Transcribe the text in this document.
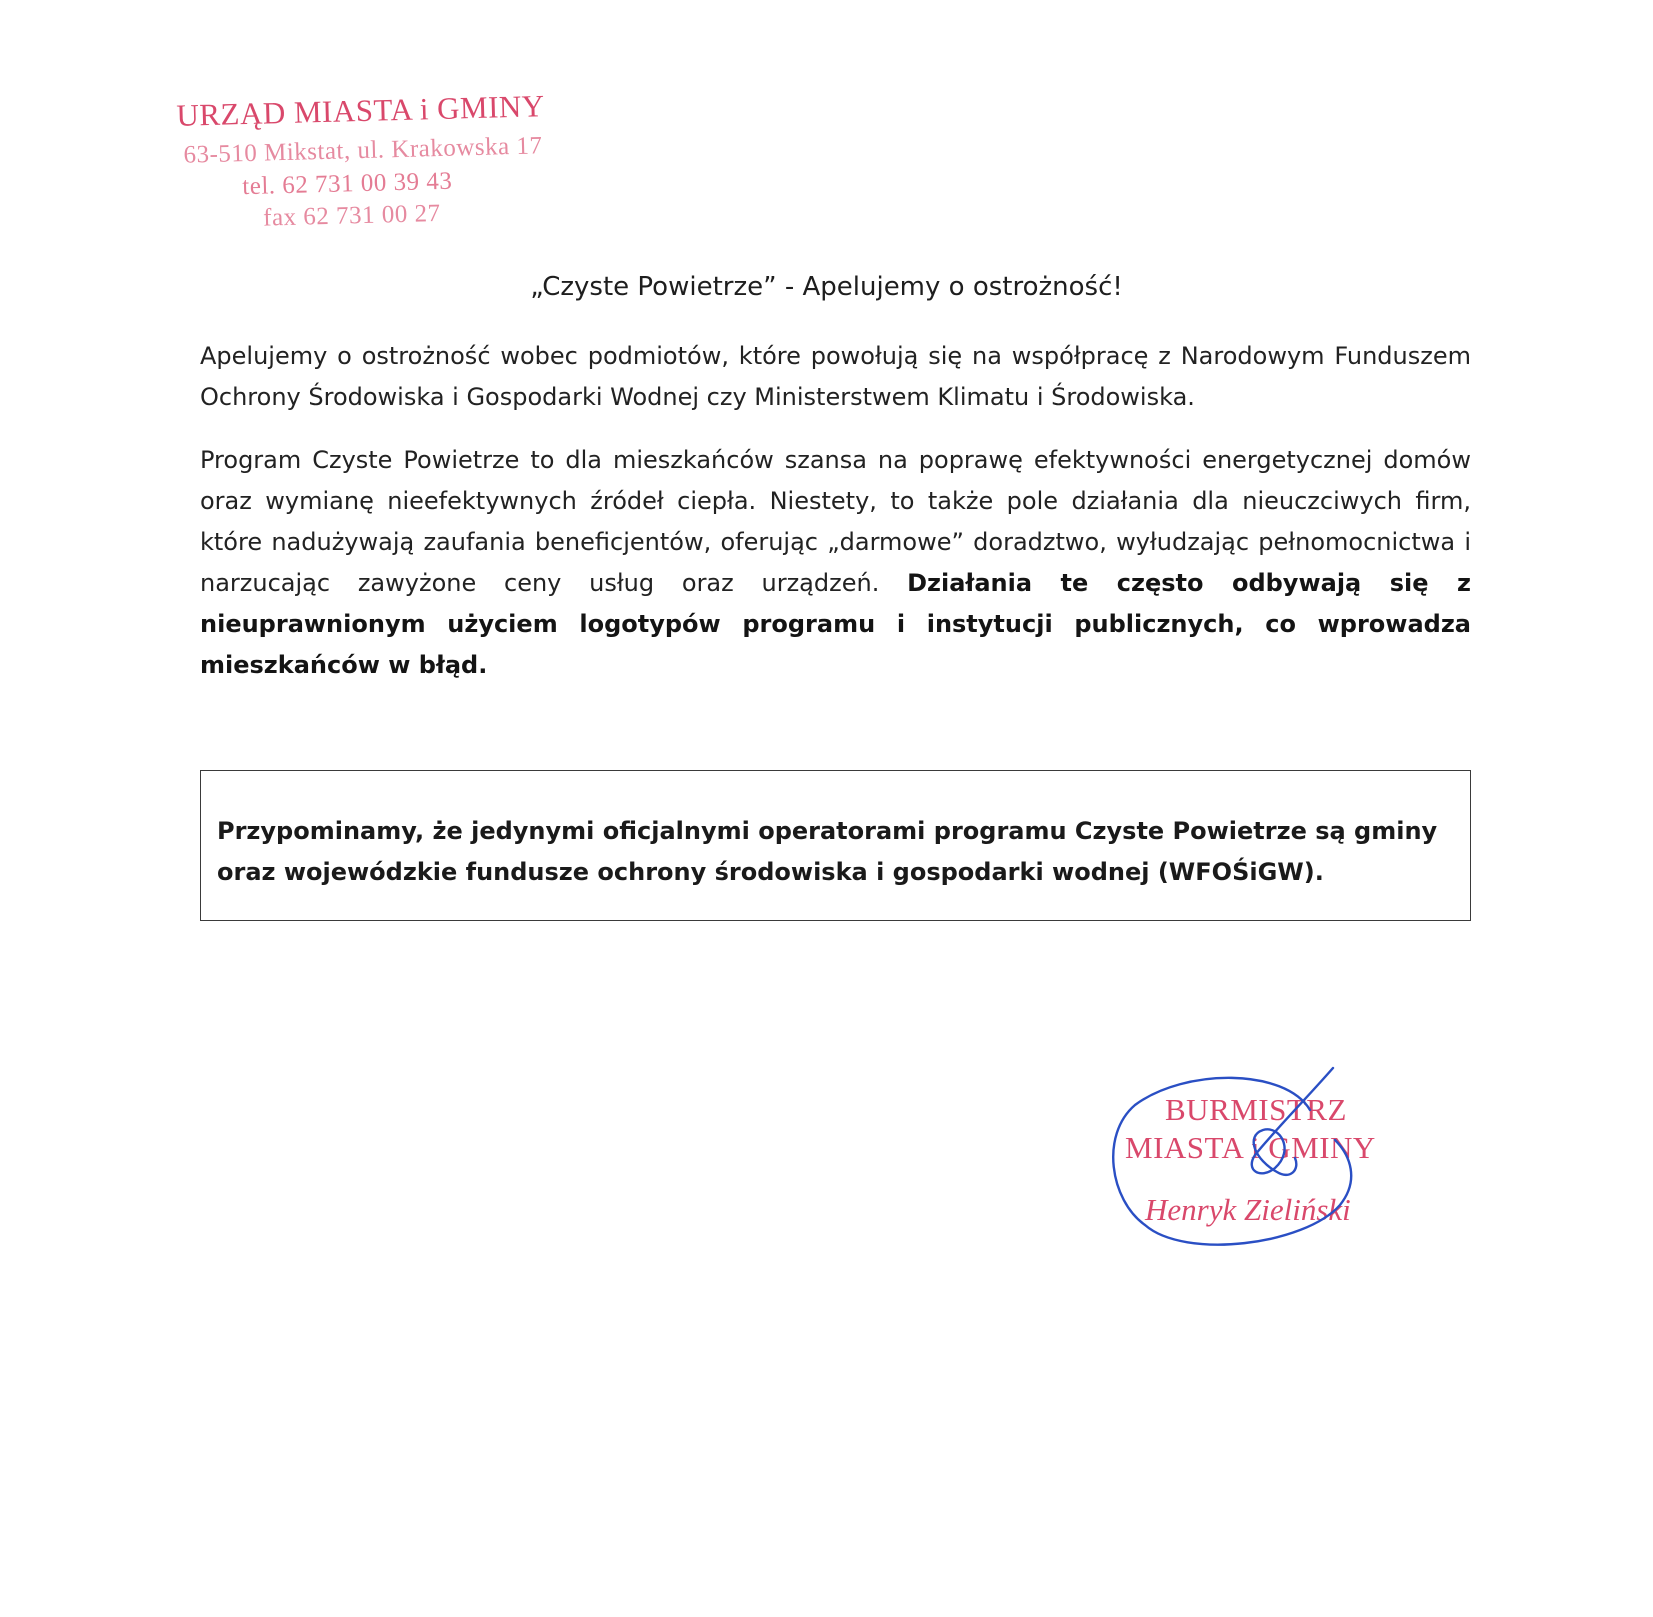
URZĄD MIASTA i GMINY
63-510 Mikstat, ul. Krakowska 17
tel. 62 731 00 39 43
fax 62 731 00 27
„Czyste Powietrze” - Apelujemy o ostrożność!

Apelujemy o ostrożność wobec podmiotów, które powołują się na współpracę z Narodowym Funduszem Ochrony Środowiska i Gospodarki Wodnej czy Ministerstwem Klimatu i Środowiska.

Program Czyste Powietrze to dla mieszkańców szansa na poprawę efektywności energetycznej domów oraz wymianę nieefektywnych źródeł ciepła. Niestety, to także pole działania dla nieuczciwych firm, które nadużywają zaufania beneficjentów, oferując „darmowe” doradztwo, wyłudzając pełnomocnictwa i narzucając zawyżone ceny usług oraz urządzeń. Działania te często odbywają się z nieuprawnionym użyciem logotypów programu i instytucji publicznych, co wprowadza mieszkańców w błąd.

Przypominamy, że jedynymi oficjalnymi operatorami programu Czyste Powietrze są gminy oraz wojewódzkie fundusze ochrony środowiska i gospodarki wodnej (WFOŚiGW).

BURMISTRZ
MIASTA i GMINY
Henryk Zieliński
